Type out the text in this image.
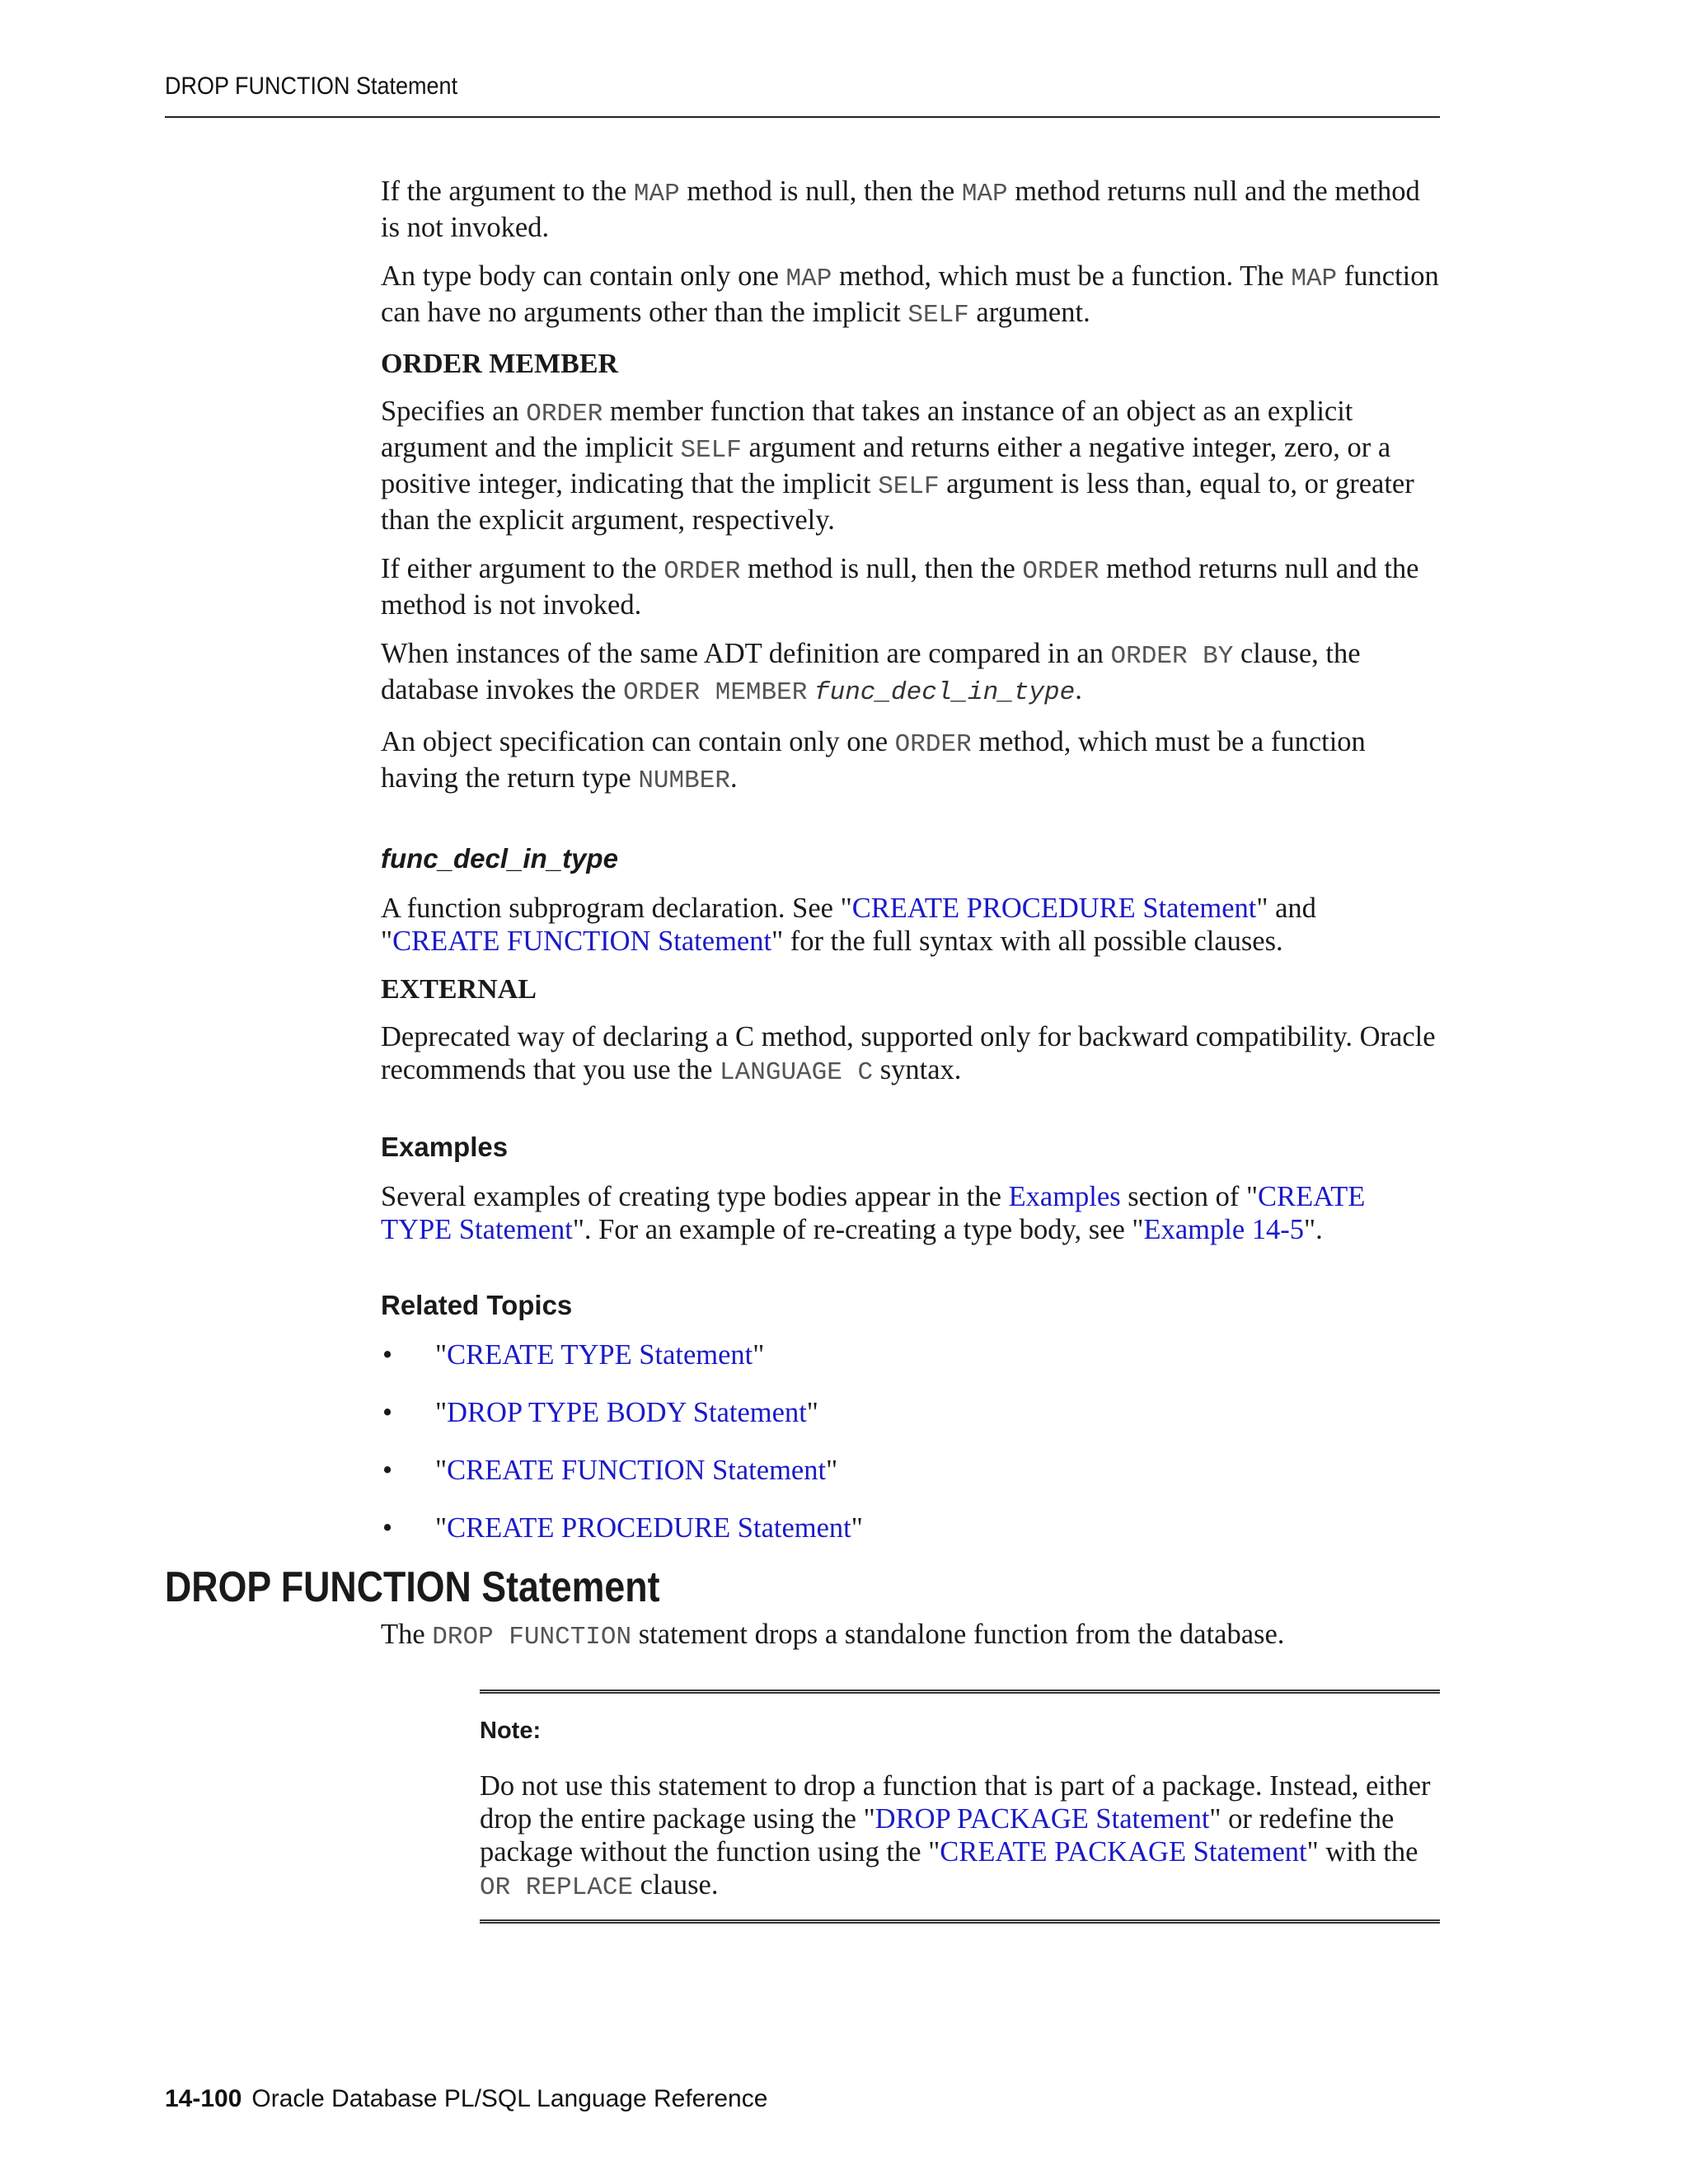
DROP FUNCTION Statement

If the argument to the MAP method is null, then the MAP method returns null and the method is not invoked.

An type body can contain only one MAP method, which must be a function. The MAP function can have no arguments other than the implicit SELF argument.

ORDER MEMBER

Specifies an ORDER member function that takes an instance of an object as an explicit argument and the implicit SELF argument and returns either a negative integer, zero, or a positive integer, indicating that the implicit SELF argument is less than, equal to, or greater than the explicit argument, respectively.

If either argument to the ORDER method is null, then the ORDER method returns null and the method is not invoked.

When instances of the same ADT definition are compared in an ORDER BY clause, the database invokes the ORDER MEMBER func_decl_in_type.

An object specification can contain only one ORDER method, which must be a function having the return type NUMBER.

func_decl_in_type

A function subprogram declaration. See "CREATE PROCEDURE Statement" and "CREATE FUNCTION Statement" for the full syntax with all possible clauses.

EXTERNAL

Deprecated way of declaring a C method, supported only for backward compatibility. Oracle recommends that you use the LANGUAGE C syntax.

Examples

Several examples of creating type bodies appear in the Examples section of "CREATE TYPE Statement". For an example of re-creating a type body, see "Example 14-5".

Related Topics
• "CREATE TYPE Statement"
• "DROP TYPE BODY Statement"
• "CREATE FUNCTION Statement"
• "CREATE PROCEDURE Statement"
DROP FUNCTION Statement

The DROP FUNCTION statement drops a standalone function from the database.

Note:

Do not use this statement to drop a function that is part of a package. Instead, either drop the entire package using the "DROP PACKAGE Statement" or redefine the package without the function using the "CREATE PACKAGE Statement" with the OR REPLACE clause.

14-100 Oracle Database PL/SQL Language Reference
